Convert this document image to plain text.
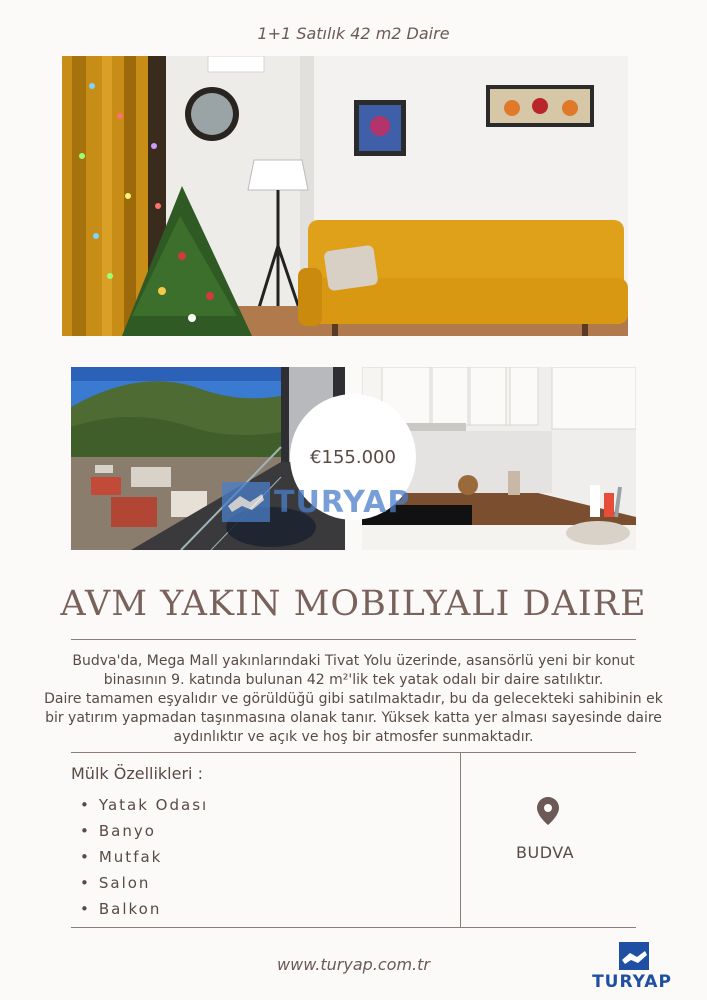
1+1 Satılık 42 m2 Daire
€155.000
TURYAP
AVM YAKIN MOBILYALI DAIRE
Budva'da, Mega Mall yakınlarındaki Tivat Yolu üzerinde, asansörlü yeni bir konut
binasının 9. katında bulunan 42 m²'lik tek yatak odalı bir daire satılıktır.
Daire tamamen eşyalıdır ve görüldüğü gibi satılmaktadır, bu da gelecekteki sahibinin ek
bir yatırım yapmadan taşınmasına olanak tanır. Yüksek katta yer alması sayesinde daire
aydınlıktır ve açık ve hoş bir atmosfer sunmaktadır.
Mülk Özellikleri :
• Yatak Odası
• Banyo
• Mutfak
• Salon
• Balkon
BUDVA
www.turyap.com.tr
TURYAP
